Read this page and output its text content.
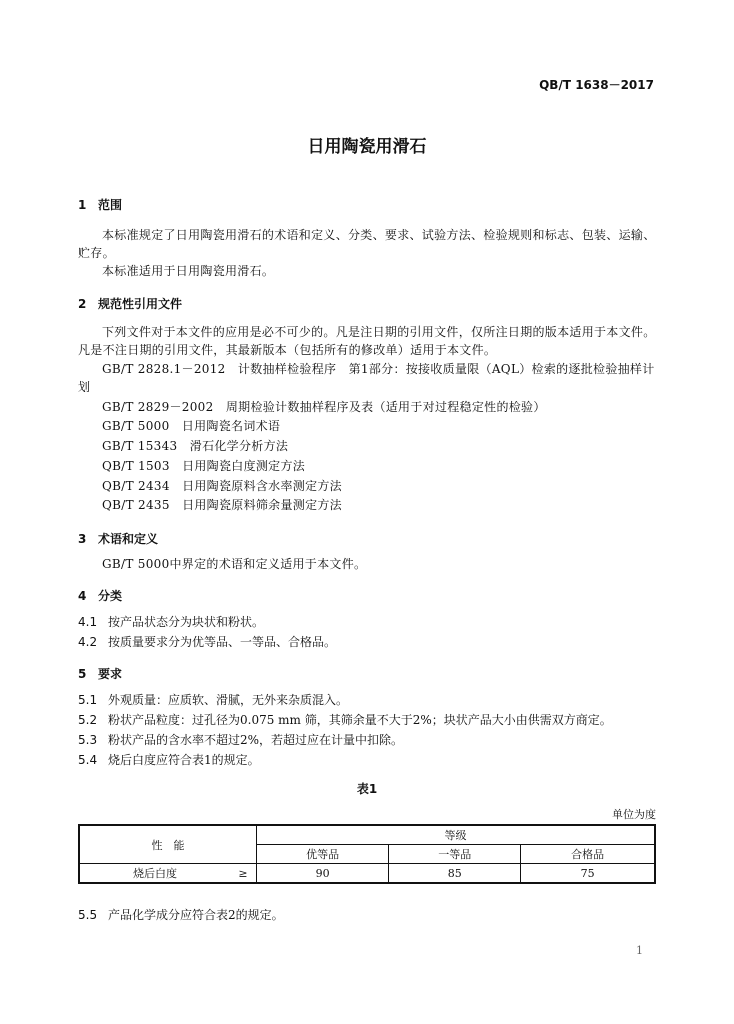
QB/T 1638－2017
日用陶瓷用滑石
1 范围
本标准规定了日用陶瓷用滑石的术语和定义、分类、要求、试验方法、检验规则和标志、包装、运输、贮存。
本标准适用于日用陶瓷用滑石。
2 规范性引用文件
下列文件对于本文件的应用是必不可少的。凡是注日期的引用文件，仅所注日期的版本适用于本文件。凡是不注日期的引用文件，其最新版本（包括所有的修改单）适用于本文件。
GB/T 2828.1－2012　 计数抽样检验程序　第1部分：按接收质量限（AQL）检索的逐批检验抽样计划
GB/T 2829－2002　 周期检验计数抽样程序及表（适用于对过程稳定性的检验）
GB/T 5000　 日用陶瓷名词术语
GB/T 15343　 滑石化学分析方法
QB/T 1503　 日用陶瓷白度测定方法
QB/T 2434　 日用陶瓷原料含水率测定方法
QB/T 2435　 日用陶瓷原料筛余量测定方法
3 术语和定义
GB/T 5000中界定的术语和定义适用于本文件。
4 分类
4.1 按产品状态分为块状和粉状。
4.2 按质量要求分为优等品、一等品、合格品。
5 要求
5.1 外观质量：应质软、滑腻，无外来杂质混入。
5.2 粉状产品粒度：过孔径为0.075 mm 筛，其筛余量不大于2%；块状产品大小由供需双方商定。
5.3 粉状产品的含水率不超过2%，若超过应在计量中扣除。
5.4 烧后白度应符合表1的规定。
表1
单位为度
性　能		等级		
		优等品	一等品	合格品
烧后白度	≥	90	85	75
5.5 产品化学成分应符合表2的规定。
1
